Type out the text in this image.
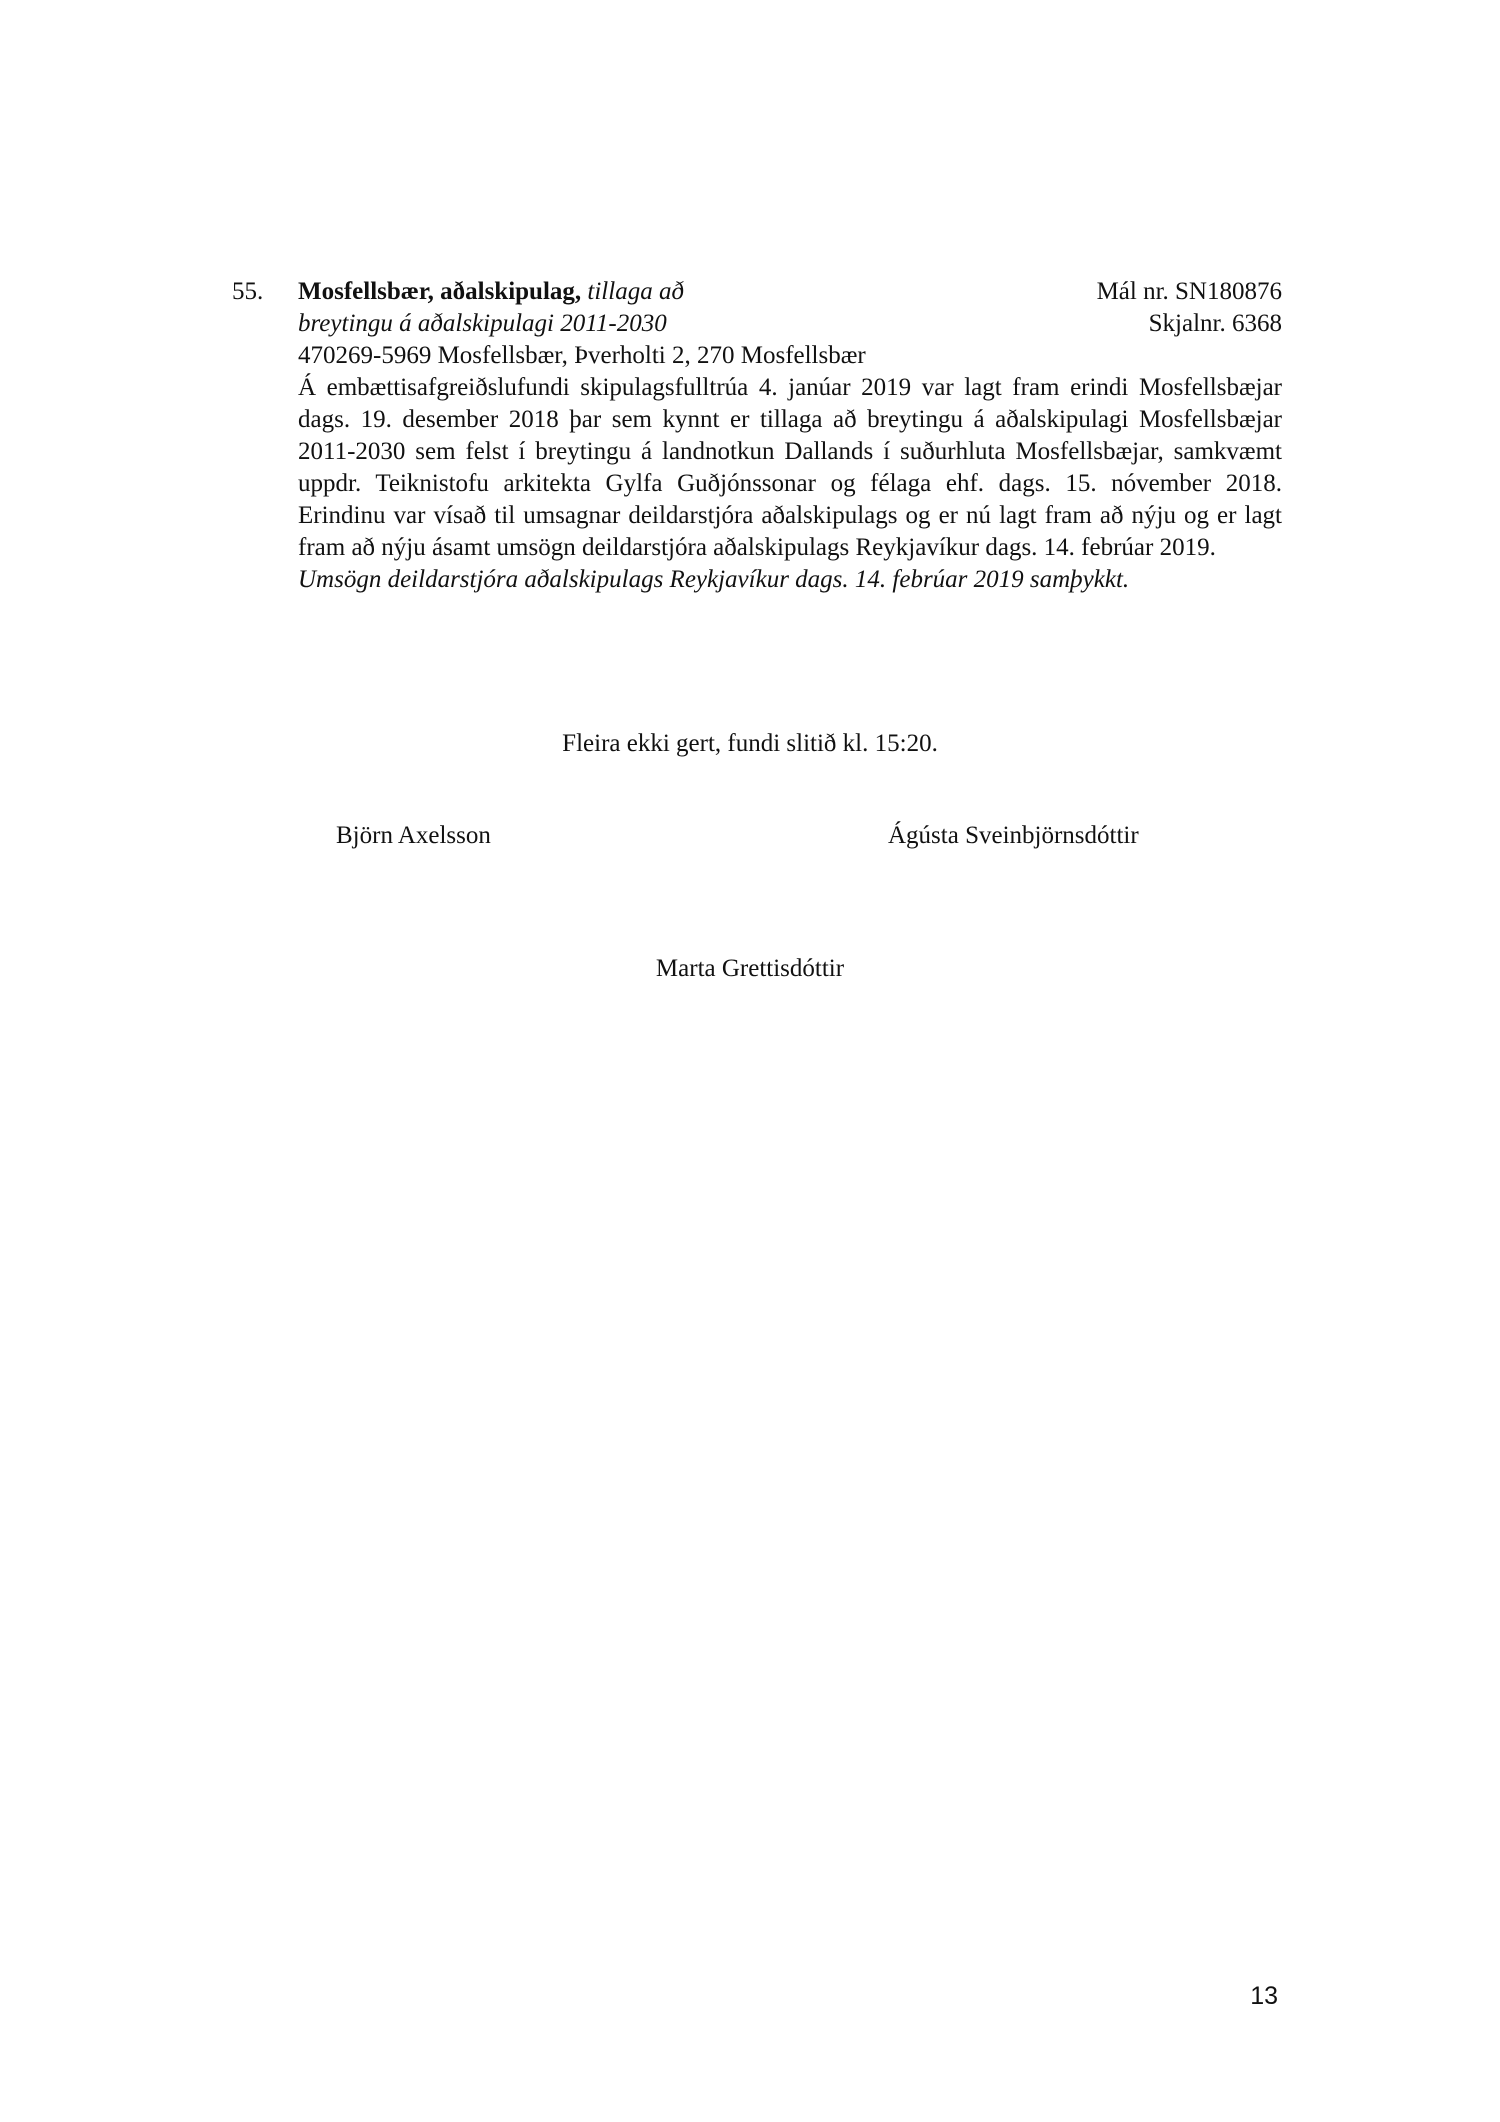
55. Mosfellsbær, aðalskipulag, tillaga að	Mál nr. SN180876
breytingu á aðalskipulagi 2011-2030	Skjalnr. 6368
470269-5969 Mosfellsbær, Þverholti 2, 270 Mosfellsbær
Á embættisafgreiðslufundi skipulagsfulltrúa 4. janúar 2019 var lagt fram erindi Mosfellsbæjar dags. 19. desember 2018 þar sem kynnt er tillaga að breytingu á aðalskipulagi Mosfellsbæjar 2011-2030 sem felst í breytingu á landnotkun Dallands í suðurhluta Mosfellsbæjar, samkvæmt uppdr. Teiknistofu arkitekta Gylfa Guðjónssonar og félaga ehf. dags. 15. nóvember 2018. Erindinu var vísað til umsagnar deildarstjóra aðalskipulags og er nú lagt fram að nýju og er lagt fram að nýju ásamt umsögn deildarstjóra aðalskipulags Reykjavíkur dags. 14. febrúar 2019.
Umsögn deildarstjóra aðalskipulags Reykjavíkur dags. 14. febrúar 2019 samþykkt.
Fleira ekki gert, fundi slitið kl. 15:20.
Björn Axelsson	Ágústa Sveinbjörnsdóttir
Marta Grettisdóttir
13
